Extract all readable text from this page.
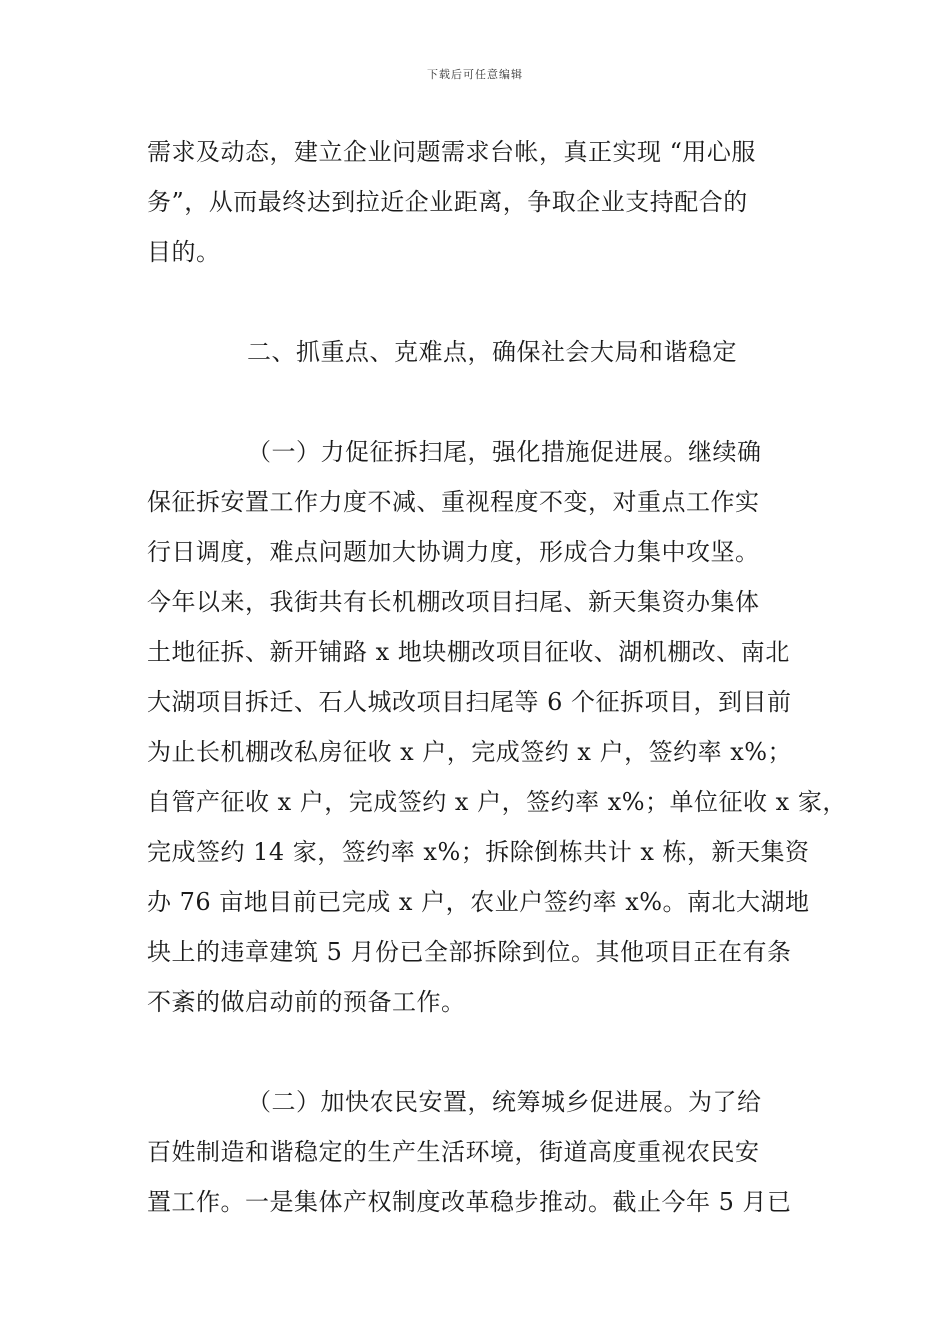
下载后可任意编辑
需求及动态，建立企业问题需求台帐，真正实现 “用心服
务”，从而最终达到拉近企业距离，争取企业支持配合的
目的。
二、抓重点、克难点，确保社会大局和谐稳定
（一）力促征拆扫尾，强化措施促进展。继续确
保征拆安置工作力度不减、重视程度不变，对重点工作实
行日调度，难点问题加大协调力度，形成合力集中攻坚。
今年以来，我街共有长机棚改项目扫尾、新天集资办集体
土地征拆、新开铺路 x 地块棚改项目征收、湖机棚改、南北
大湖项目拆迁、石人城改项目扫尾等 6 个征拆项目，到目前
为止长机棚改私房征收 x 户，完成签约 x 户，签约率 x%；
自管产征收 x 户，完成签约 x 户，签约率 x%；单位征收 x 家，
完成签约 14 家，签约率 x%；拆除倒栋共计 x 栋，新天集资
办 76 亩地目前已完成 x 户，农业户签约率 x%。南北大湖地
块上的违章建筑 5 月份已全部拆除到位。其他项目正在有条
不紊的做启动前的预备工作。
（二）加快农民安置，统筹城乡促进展。为了给
百姓制造和谐稳定的生产生活环境，街道高度重视农民安
置工作。一是集体产权制度改革稳步推动。截止今年 5 月已
